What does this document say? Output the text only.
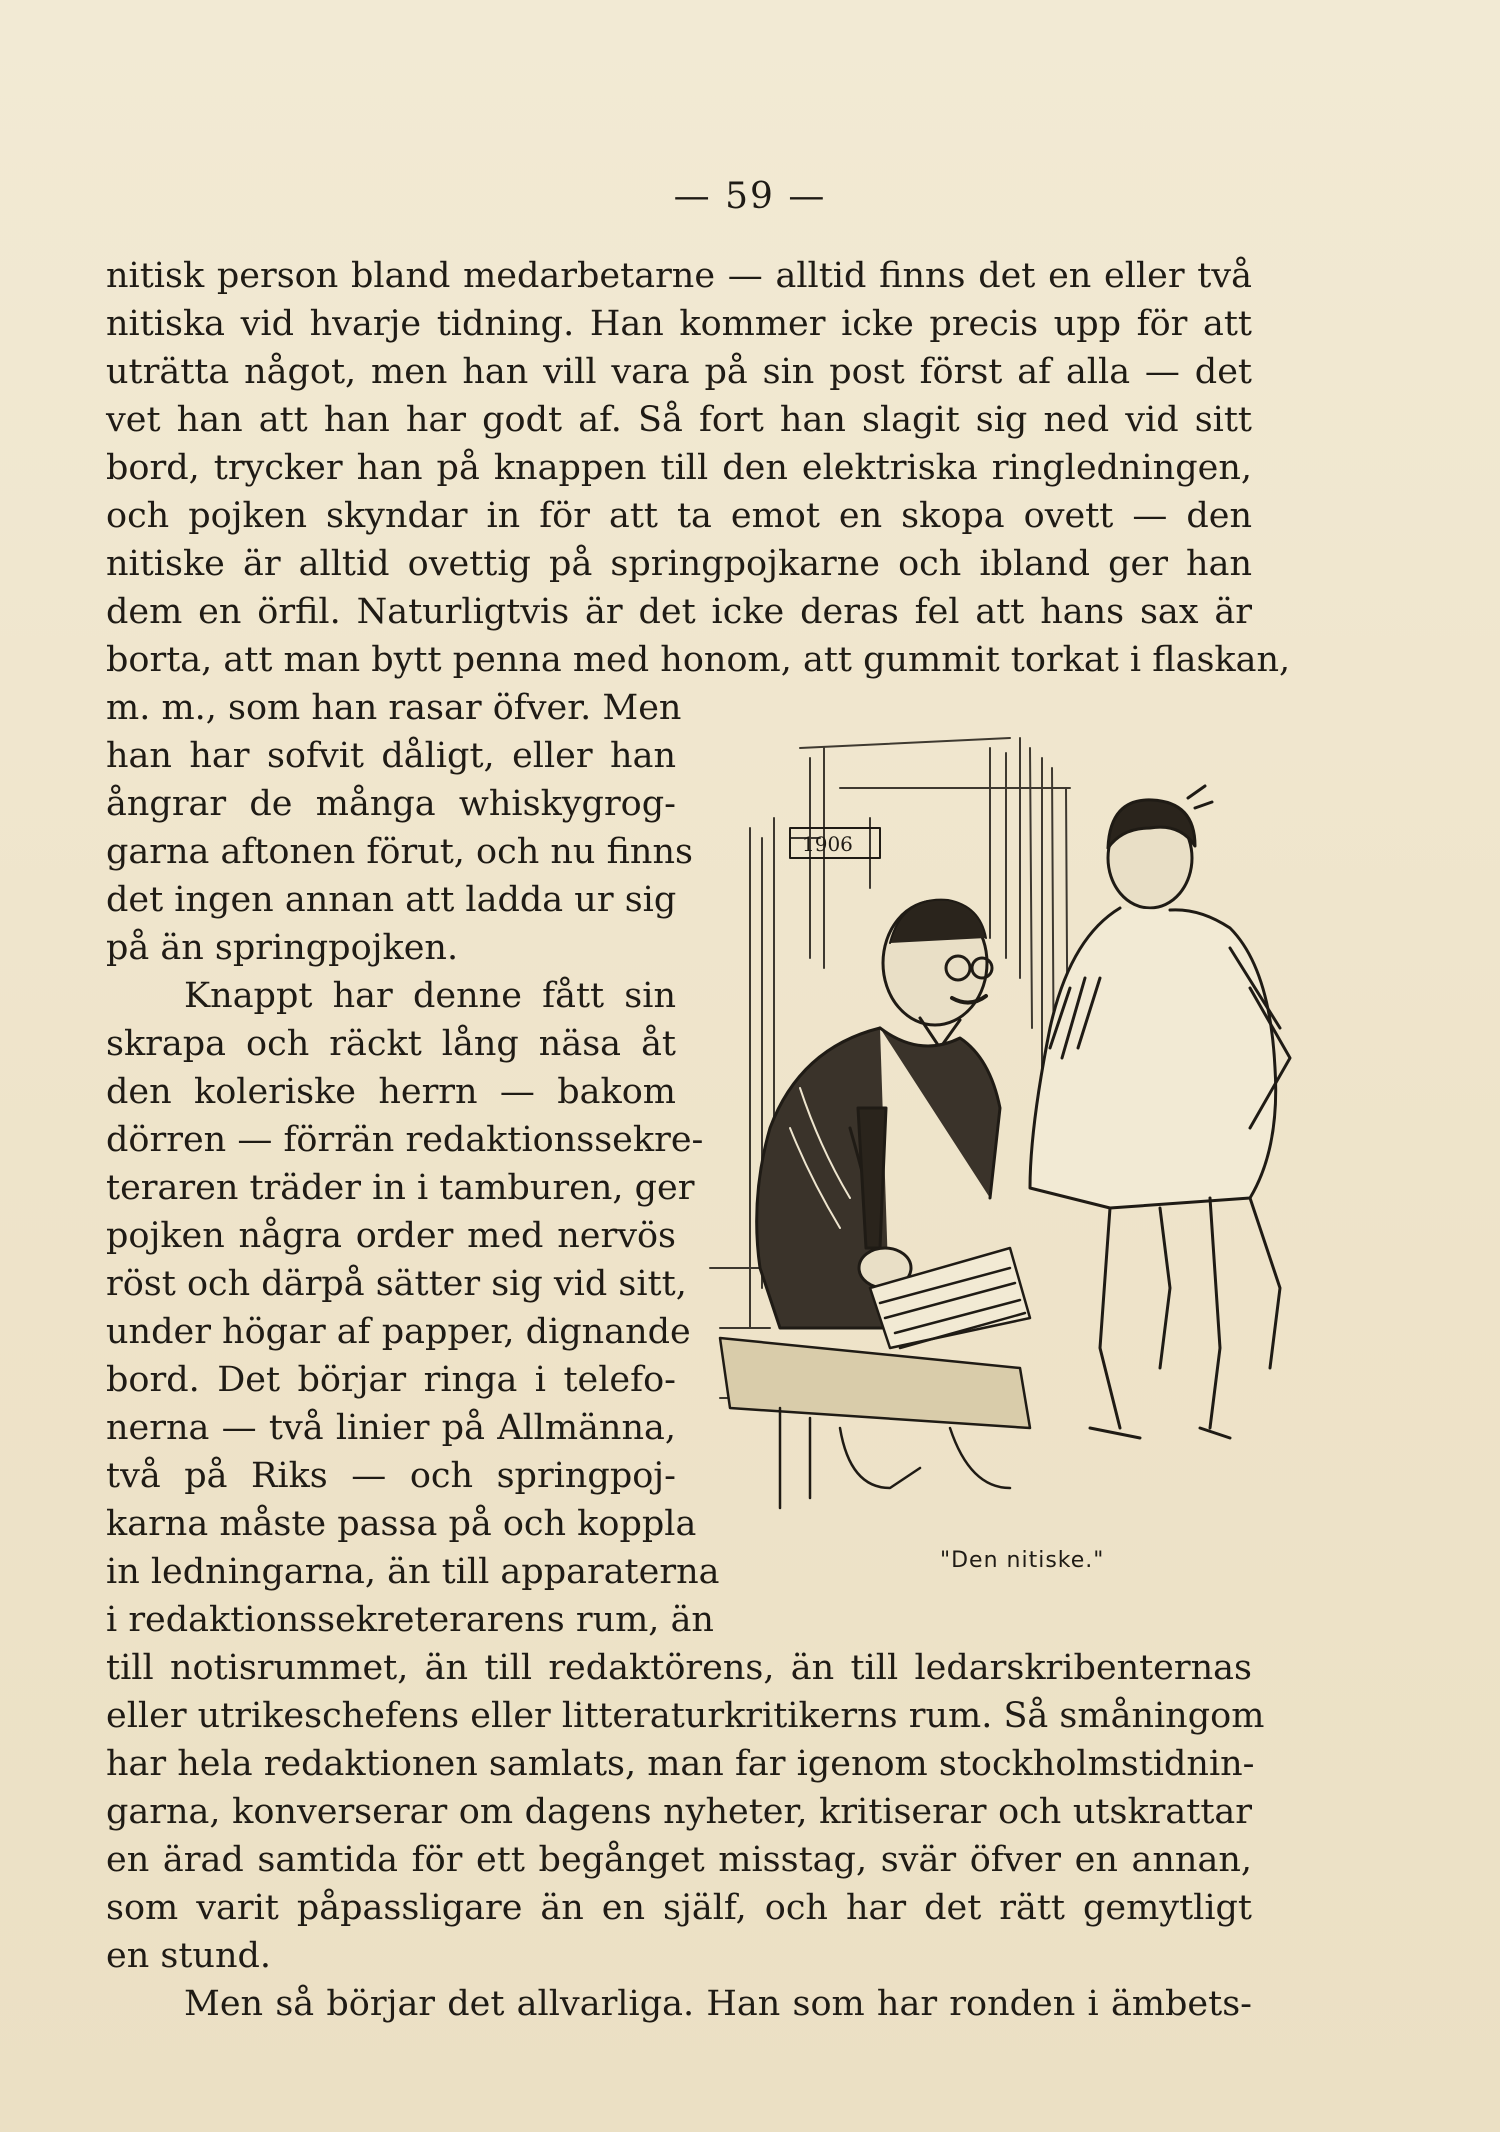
— 59 —
nitisk person bland medarbetarne — alltid finns det en eller två
nitiska vid hvarje tidning. Han kommer icke precis upp för att
uträtta något, men han vill vara på sin post först af alla — det
vet han att han har godt af. Så fort han slagit sig ned vid sitt
bord, trycker han på knappen till den elektriska ringledningen,
och pojken skyndar in för att ta emot en skopa ovett — den
nitiske är alltid ovettig på springpojkarne och ibland ger han
dem en örfil. Naturligtvis är det icke deras fel att hans sax är
borta, att man bytt penna med honom, att gummit torkat i flaskan,
m. m., som han rasar öfver. Men
han har sofvit dåligt, eller han
ångrar de många whiskygrog-
garna aftonen förut, och nu finns
det ingen annan att ladda ur sig
på än springpojken.
Knappt har denne fått sin
skrapa och räckt lång näsa åt
den koleriske herrn — bakom
dörren — förrän redaktionssekre-
teraren träder in i tamburen, ger
pojken några order med nervös
röst och därpå sätter sig vid sitt,
under högar af papper, dignande
bord. Det börjar ringa i telefo-
nerna — två linier på Allmänna,
två på Riks — och springpoj-
karna måste passa på och koppla
in ledningarna, än till apparaterna
i redaktionssekreterarens rum, än
till notisrummet, än till redaktörens, än till ledarskribenternas
eller utrikeschefens eller litteraturkritikerns rum. Så småningom
har hela redaktionen samlats, man far igenom stockholmstidnin-
garna, konverserar om dagens nyheter, kritiserar och utskrattar
en ärad samtida för ett begånget misstag, svär öfver en annan,
som varit påpassligare än en själf, och har det rätt gemytligt
en stund.
Men så börjar det allvarliga. Han som har ronden i ämbets-
1906
"Den nitiske."
